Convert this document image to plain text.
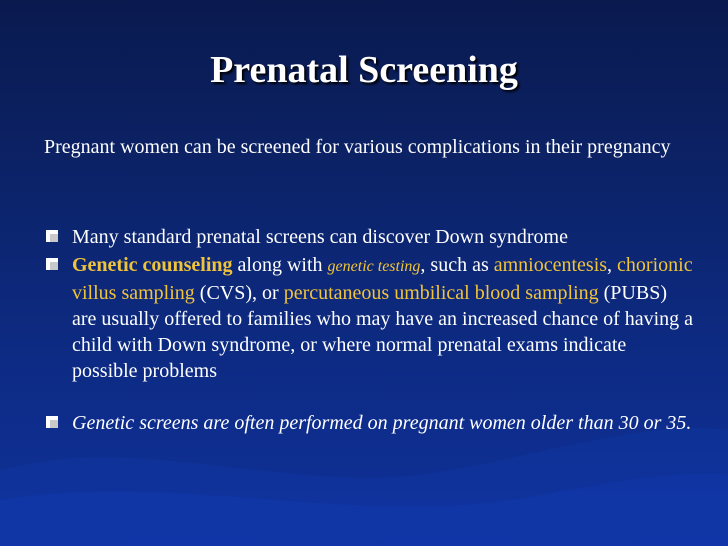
Prenatal Screening
Pregnant women can be screened for various complications in their pregnancy
Many standard prenatal screens can discover Down syndrome
Genetic counseling along with genetic testing, such as amniocentesis, chorionic villus sampling (CVS), or percutaneous umbilical blood sampling (PUBS) are usually offered to families who may have an increased chance of having a child with Down syndrome, or where normal prenatal exams indicate possible problems
Genetic screens are often performed on pregnant women older than 30 or 35.
